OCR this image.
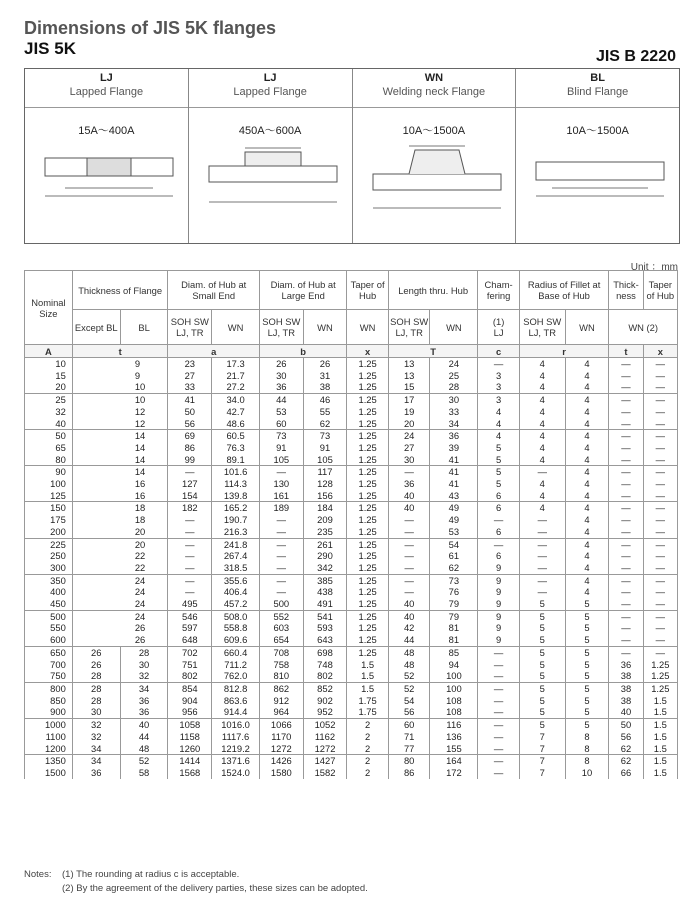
Dimensions of JIS 5K flanges
JIS 5K	JIS B 2220
LJ
Lapped Flange
15A～400A
LJ
Lapped Flange
450A～600A
WN
Welding neck Flange
10A～1500A
BL
Blind Flange
10A～1500A
Unit ：mm
Nominal Size	Thickness of Flange		Diam. of Hub at Small End		Diam. of Hub at Large End		Taper of Hub	Length thru. Hub		Cham- fering	Radius of Fillet at Base of Hub		Thick- ness	Taper of Hub
	Except BL	BL	SOH SW LJ, TR	WN	SOH SW LJ, TR	WN	WN	SOH SW LJ, TR	WN	(1)
LJ	SOH SW LJ, TR	WN	WN (2)	
A	t		a		b		x	T		c	r		t	x
10	9		23	17.3	26	26	1.25	13	24	—	4	4	—	—
15	9		27	21.7	30	31	1.25	13	25	3	4	4	—	—
20	10		33	27.2	36	38	1.25	15	28	3	4	4	—	—
25	10		41	34.0	44	46	1.25	17	30	3	4	4	—	—
32	12		50	42.7	53	55	1.25	19	33	4	4	4	—	—
40	12		56	48.6	60	62	1.25	20	34	4	4	4	—	—
50	14		69	60.5	73	73	1.25	24	36	4	4	4	—	—
65	14		86	76.3	91	91	1.25	27	39	5	4	4	—	—
80	14		99	89.1	105	105	1.25	30	41	5	4	4	—	—
90	14		—	101.6	—	117	1.25	—	41	5	—	4	—	—
100	16		127	114.3	130	128	1.25	36	41	5	4	4	—	—
125	16		154	139.8	161	156	1.25	40	43	6	4	4	—	—
150	18		182	165.2	189	184	1.25	40	49	6	4	4	—	—
175	18		—	190.7	—	209	1.25	—	49	—	—	4	—	—
200	20		—	216.3	—	235	1.25	—	53	6	—	4	—	—
225	20		—	241.8	—	261	1.25	—	54	—	—	4	—	—
250	22		—	267.4	—	290	1.25	—	61	6	—	4	—	—
300	22		—	318.5	—	342	1.25	—	62	9	—	4	—	—
350	24		—	355.6	—	385	1.25	—	73	9	—	4	—	—
400	24		—	406.4	—	438	1.25	—	76	9	—	4	—	—
450	24		495	457.2	500	491	1.25	40	79	9	5	5	—	—
500	24		546	508.0	552	541	1.25	40	79	9	5	5	—	—
550	26		597	558.8	603	593	1.25	42	81	9	5	5	—	—
600	26		648	609.6	654	643	1.25	44	81	9	5	5	—	—
650	26	28	702	660.4	708	698	1.25	48	85	—	5	5	—	—
700	26	30	751	711.2	758	748	1.5	48	94	—	5	5	36	1.25
750	28	32	802	762.0	810	802	1.5	52	100	—	5	5	38	1.25
800	28	34	854	812.8	862	852	1.5	52	100	—	5	5	38	1.25
850	28	36	904	863.6	912	902	1.75	54	108	—	5	5	38	1.5
900	30	36	956	914.4	964	952	1.75	56	108	—	5	5	40	1.5
1000	32	40	1058	1016.0	1066	1052	2	60	116	—	5	5	50	1.5
1100	32	44	1158	1117.6	1170	1162	2	71	136	—	7	8	56	1.5
1200	34	48	1260	1219.2	1272	1272	2	77	155	—	7	8	62	1.5
1350	34	52	1414	1371.6	1426	1427	2	80	164	—	7	8	62	1.5
1500	36	58	1568	1524.0	1580	1582	2	86	172	—	7	10	66	1.5
Notes: (1) The rounding at radius c is acceptable.
(2) By the agreement of the delivery parties, these sizes can be adopted.
